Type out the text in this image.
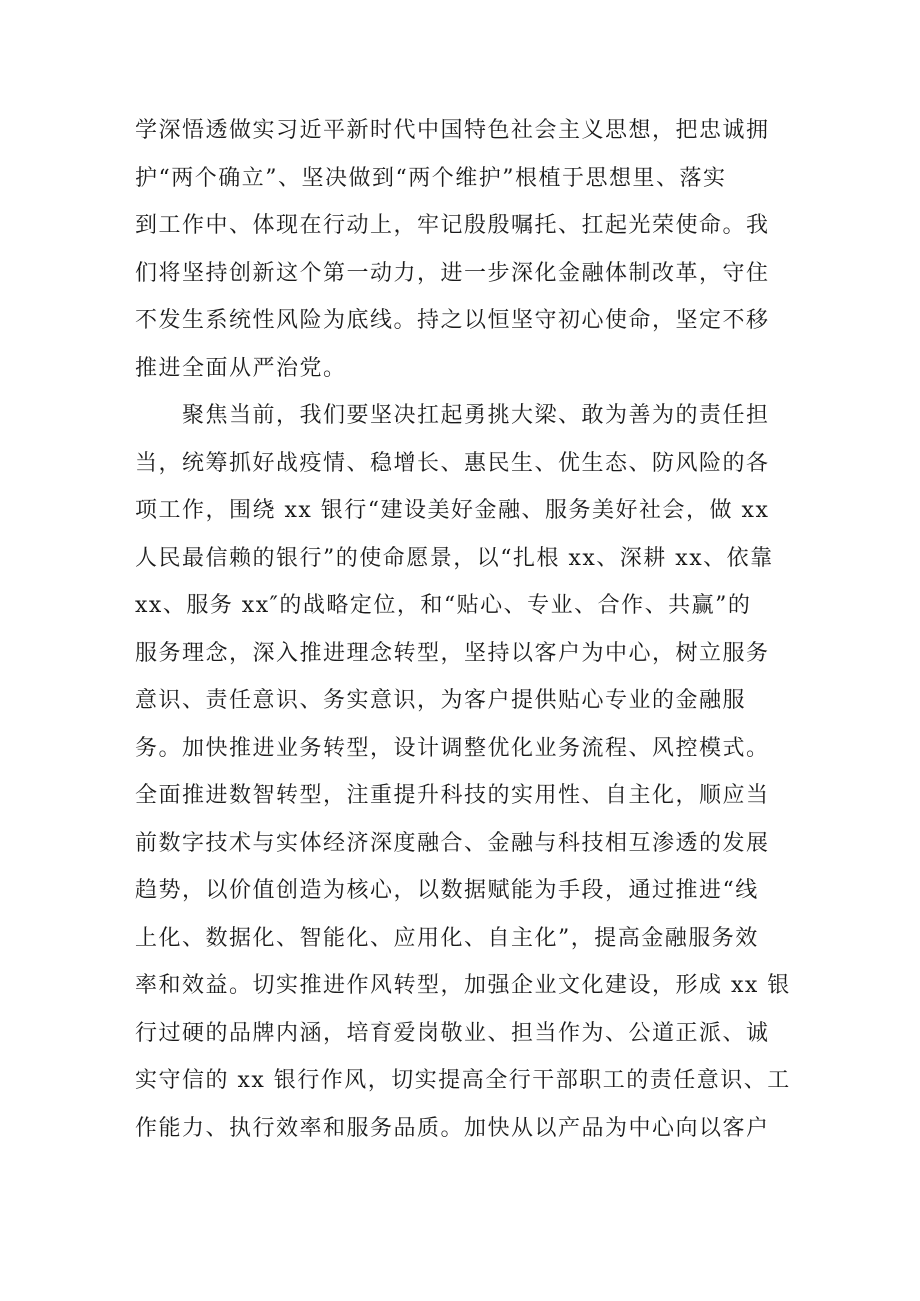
学深悟透做实习近平新时代中国特色社会主义思想，把忠诚拥
护“两个确立”、坚决做到“两个维护”根植于思想里、落实
到工作中、体现在行动上，牢记殷殷嘱托、扛起光荣使命。我
们将坚持创新这个第一动力，进一步深化金融体制改革，守住
不发生系统性风险为底线。持之以恒坚守初心使命，坚定不移
推进全面从严治党。
　　聚焦当前，我们要坚决扛起勇挑大梁、敢为善为的责任担
当，统筹抓好战疫情、稳增长、惠民生、优生态、防风险的各
项工作，围绕 xx 银行“建设美好金融、服务美好社会，做 xx
人民最信赖的银行”的使命愿景，以“扎根 xx、深耕 xx、依靠
xx、服务 xx″的战略定位，和“贴心、专业、合作、共赢”的
服务理念，深入推进理念转型，坚持以客户为中心，树立服务
意识、责任意识、务实意识，为客户提供贴心专业的金融服
务。加快推进业务转型，设计调整优化业务流程、风控模式。
全面推进数智转型，注重提升科技的实用性、自主化，顺应当
前数字技术与实体经济深度融合、金融与科技相互渗透的发展
趋势，以价值创造为核心，以数据赋能为手段，通过推进“线
上化、数据化、智能化、应用化、自主化”，提高金融服务效
率和效益。切实推进作风转型，加强企业文化建设，形成 xx 银
行过硬的品牌内涵，培育爱岗敬业、担当作为、公道正派、诚
实守信的 xx 银行作风，切实提高全行干部职工的责任意识、工
作能力、执行效率和服务品质。加快从以产品为中心向以客户
